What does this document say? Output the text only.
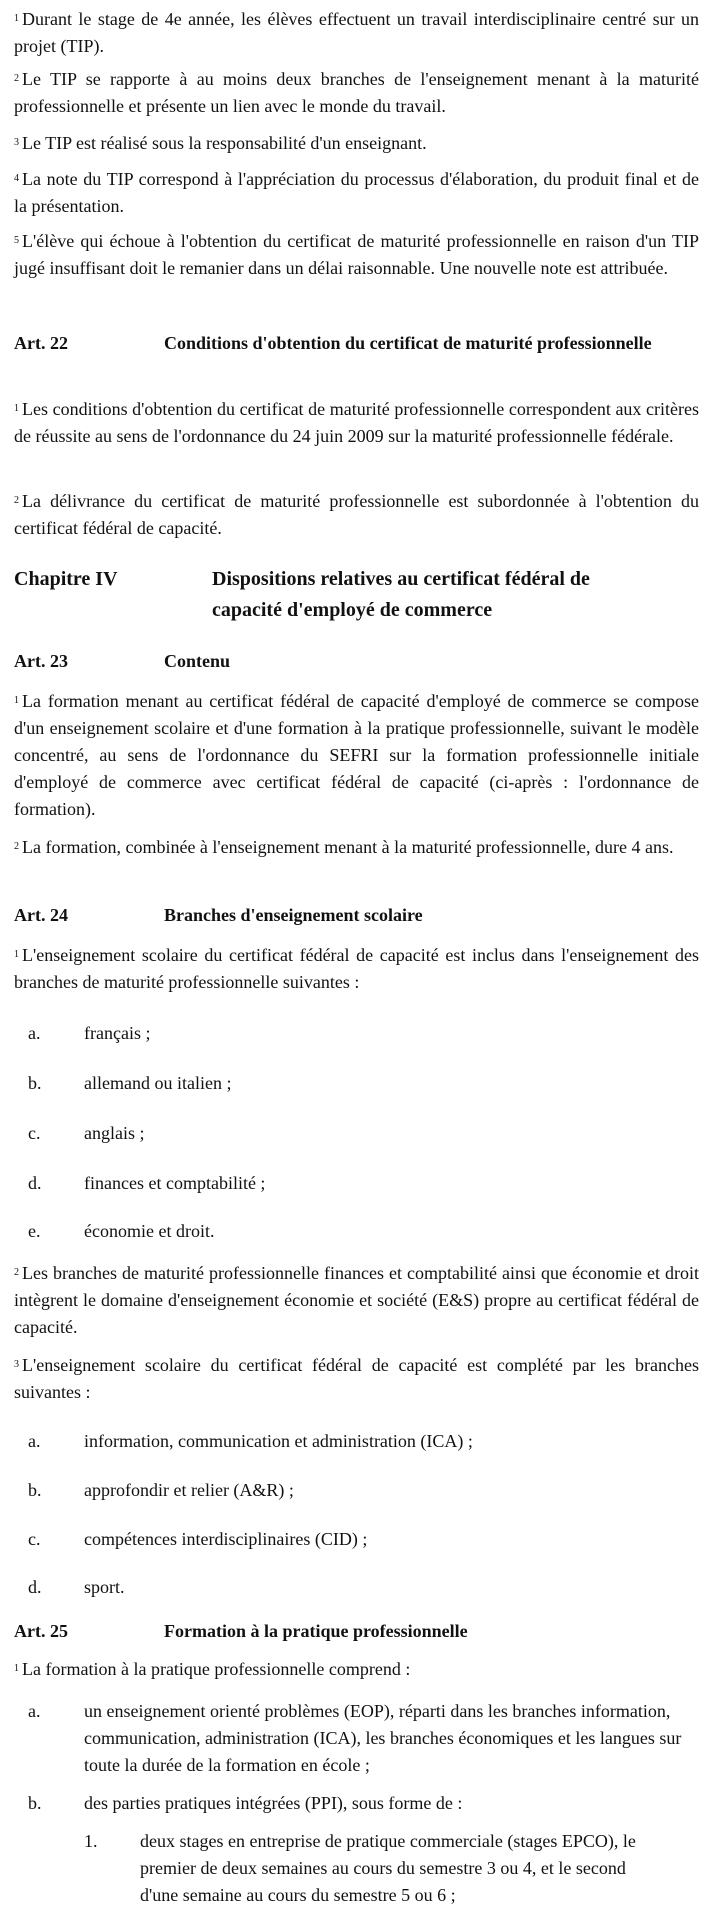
$^1$ Durant le stage de 4e année, les élèves effectuent un travail interdisciplinaire centré sur un projet (TIP).
$^2$ Le TIP se rapporte à au moins deux branches de l'enseignement menant à la maturité professionnelle et présente un lien avec le monde du travail.
$^3$ Le TIP est réalisé sous la responsabilité d'un enseignant.
$^4$ La note du TIP correspond à l'appréciation du processus d'élaboration, du produit final et de la présentation.
$^5$ L'élève qui échoue à l'obtention du certificat de maturité professionnelle en raison d'un TIP jugé insuffisant doit le remanier dans un délai raisonnable. Une nouvelle note est attribuée.
Art. 22	Conditions d'obtention du certificat de maturité professionnelle
$^1$ Les conditions d'obtention du certificat de maturité professionnelle correspondent aux critères de réussite au sens de l'ordonnance du 24 juin 2009 sur la maturité professionnelle fédérale.
$^2$ La délivrance du certificat de maturité professionnelle est subordonnée à l'obtention du certificat fédéral de capacité.
Chapitre IV	Dispositions relatives au certificat fédéral de capacité d'employé de commerce
Art. 23	Contenu
$^1$ La formation menant au certificat fédéral de capacité d'employé de commerce se compose d'un enseignement scolaire et d'une formation à la pratique professionnelle, suivant le modèle concentré, au sens de l'ordonnance du SEFRI sur la formation professionnelle initiale d'employé de commerce avec certificat fédéral de capacité (ci-après : l'ordonnance de formation).
$^2$ La formation, combinée à l'enseignement menant à la maturité professionnelle, dure 4 ans.
Art. 24	Branches d'enseignement scolaire
$^1$ L'enseignement scolaire du certificat fédéral de capacité est inclus dans l'enseignement des branches de maturité professionnelle suivantes :
a.	français ;
b.	allemand ou italien ;
c.	anglais ;
d.	finances et comptabilité ;
e.	économie et droit.
$^2$ Les branches de maturité professionnelle finances et comptabilité ainsi que économie et droit intègrent le domaine d'enseignement économie et société (E&S) propre au certificat fédéral de capacité.
$^3$ L'enseignement scolaire du certificat fédéral de capacité est complété par les branches suivantes :
a.	information, communication et administration (ICA) ;
b.	approfondir et relier (A&R) ;
c.	compétences interdisciplinaires (CID) ;
d.	sport.
Art. 25	Formation à la pratique professionnelle
$^1$ La formation à la pratique professionnelle comprend :
a.	un enseignement orienté problèmes (EOP), réparti dans les branches information, communication, administration (ICA), les branches économiques et les langues sur toute la durée de la formation en école ;
b.	des parties pratiques intégrées (PPI), sous forme de :
1.	deux stages en entreprise de pratique commerciale (stages EPCO), le premier de deux semaines au cours du semestre 3 ou 4, et le second d'une semaine au cours du semestre 5 ou 6 ;
